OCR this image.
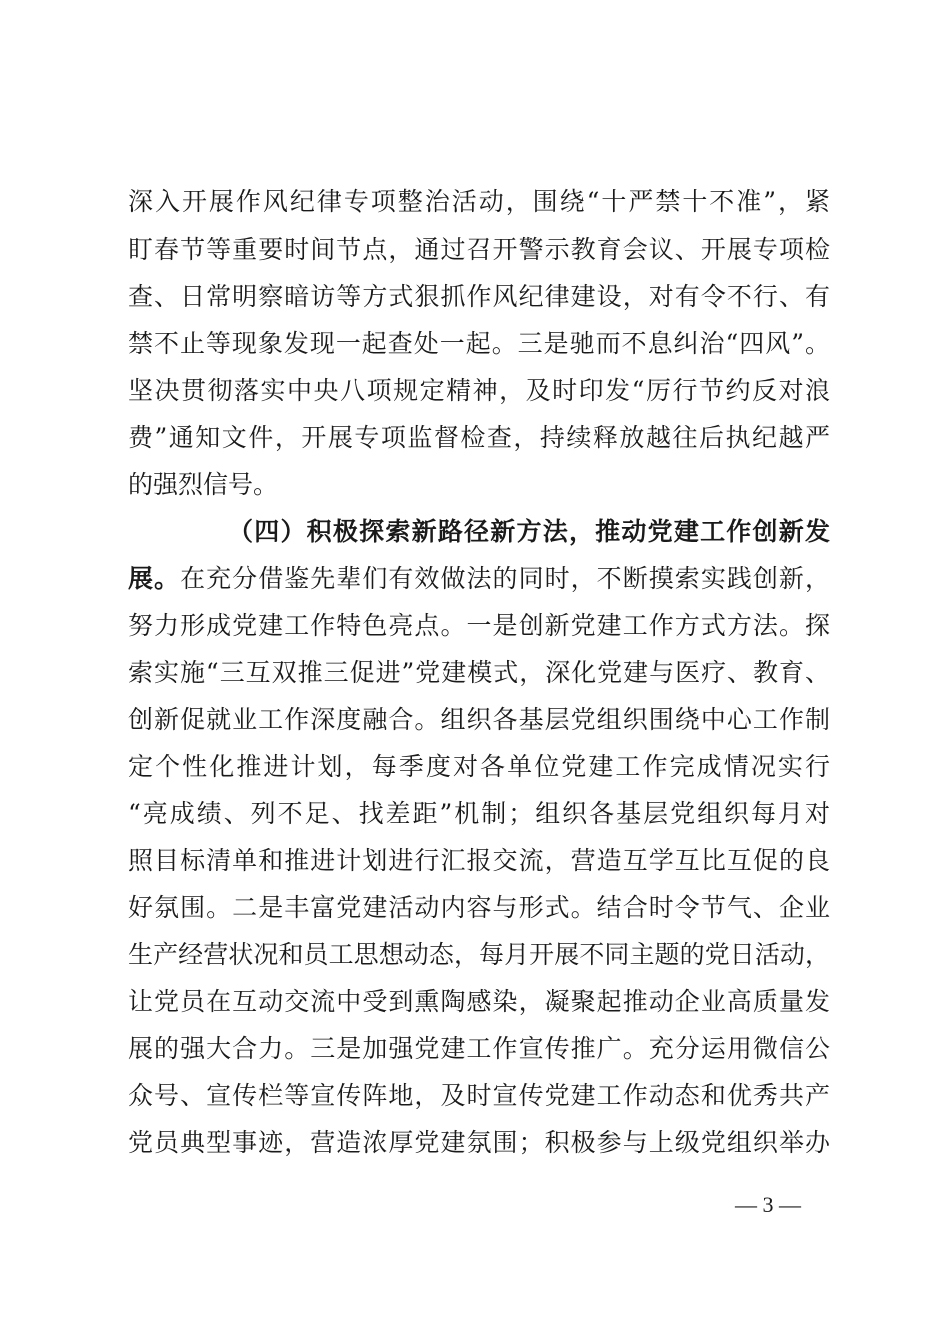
深入开展作风纪律专项整治活动，围绕“十严禁十不准”，紧
盯春节等重要时间节点，通过召开警示教育会议、开展专项检
查、日常明察暗访等方式狠抓作风纪律建设，对有令不行、有
禁不止等现象发现一起查处一起。三是驰而不息纠治“四风”。
坚决贯彻落实中央八项规定精神，及时印发“厉行节约反对浪
费”通知文件，开展专项监督检查，持续释放越往后执纪越严
的强烈信号。
（四）积极探索新路径新方法，推动党建工作创新发
展。在充分借鉴先辈们有效做法的同时，不断摸索实践创新，
努力形成党建工作特色亮点。一是创新党建工作方式方法。探
索实施“三互双推三促进”党建模式，深化党建与医疗、教育、
创新促就业工作深度融合。组织各基层党组织围绕中心工作制
定个性化推进计划，每季度对各单位党建工作完成情况实行
“亮成绩、列不足、找差距”机制；组织各基层党组织每月对
照目标清单和推进计划进行汇报交流，营造互学互比互促的良
好氛围。二是丰富党建活动内容与形式。结合时令节气、企业
生产经营状况和员工思想动态，每月开展不同主题的党日活动，
让党员在互动交流中受到熏陶感染，凝聚起推动企业高质量发
展的强大合力。三是加强党建工作宣传推广。充分运用微信公
众号、宣传栏等宣传阵地，及时宣传党建工作动态和优秀共产
党员典型事迹，营造浓厚党建氛围；积极参与上级党组织举办
— 3 —
